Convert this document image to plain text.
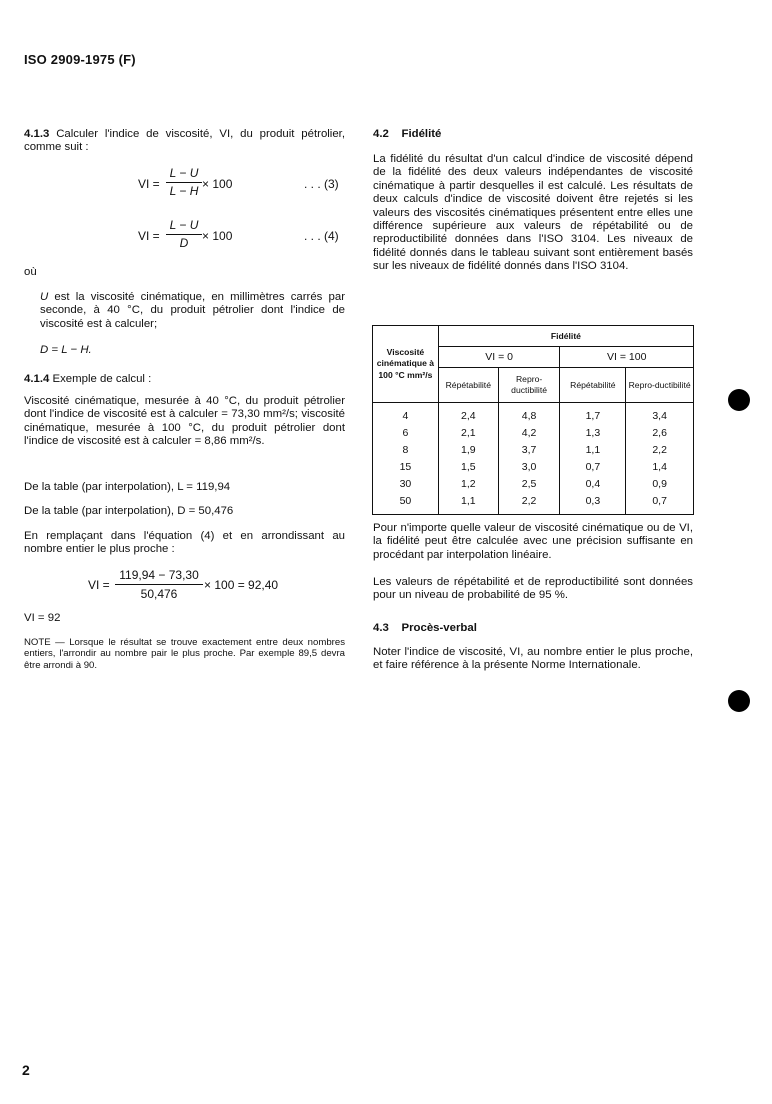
ISO 2909-1975 (F)
2
4.1.3 Calculer l'indice de viscosité, VI, du produit pétrolier, comme suit :
VI =
L − U
L − H × 100	. . . (3)
VI =
L − U
D	× 100	. . . (4)
où
U est la viscosité cinématique, en millimètres carrés par seconde, à 40 °C, du produit pétrolier dont l'indice de viscosité est à calculer;
D = L − H.
4.1.4 Exemple de calcul :
Viscosité cinématique, mesurée à 40 °C, du produit pétrolier dont l'indice de viscosité est à calculer = 73,30 mm²/s; viscosité cinématique, mesurée à 100 °C, du produit pétrolier dont l'indice de viscosité est à calculer = 8,86 mm²/s.
De la table (par interpolation), L = 119,94
De la table (par interpolation), D = 50,476
En remplaçant dans l'équation (4) et en arrondissant au nombre entier le plus proche :
VI =
119,94 − 73,30
50,476
× 100 = 92,40
VI = 92
NOTE — Lorsque le résultat se trouve exactement entre deux nombres entiers, l'arrondir au nombre pair le plus proche. Par exemple 89,5 devra être arrondi à 90.
4.2 Fidélité
La fidélité du résultat d'un calcul d'indice de viscosité dépend de la fidélité des deux valeurs indépendantes de viscosité cinématique à partir desquelles il est calculé. Les résultats de deux calculs d'indice de viscosité doivent être rejetés si les valeurs des viscosités cinématiques présentent entre elles une différence supérieure aux valeurs de répétabilité ou de reproductibilité données dans l'ISO 3104. Les niveaux de fidélité donnés dans le tableau suivant sont entièrement basés sur les niveaux de fidélité donnés dans l'ISO 3104.
Viscosité cinématique à 100 °C mm²/s	Fidélité			
	VI = 0		VI = 100	
	Répétabilité	Repro-ductibilité	Répétabilité	Repro-ductibilité
4	2,4	4,8	1,7	3,4
6	2,1	4,2	1,3	2,6
8	1,9	3,7	1,1	2,2
15	1,5	3,0	0,7	1,4
30	1,2	2,5	0,4	0,9
50	1,1	2,2	0,3	0,7
Pour n'importe quelle valeur de viscosité cinématique ou de VI, la fidélité peut être calculée avec une précision suffisante en procédant par interpolation linéaire.
Les valeurs de répétabilité et de reproductibilité sont données pour un niveau de probabilité de 95 %.
4.3 Procès-verbal
Noter l'indice de viscosité, VI, au nombre entier le plus proche, et faire référence à la présente Norme Internationale.
